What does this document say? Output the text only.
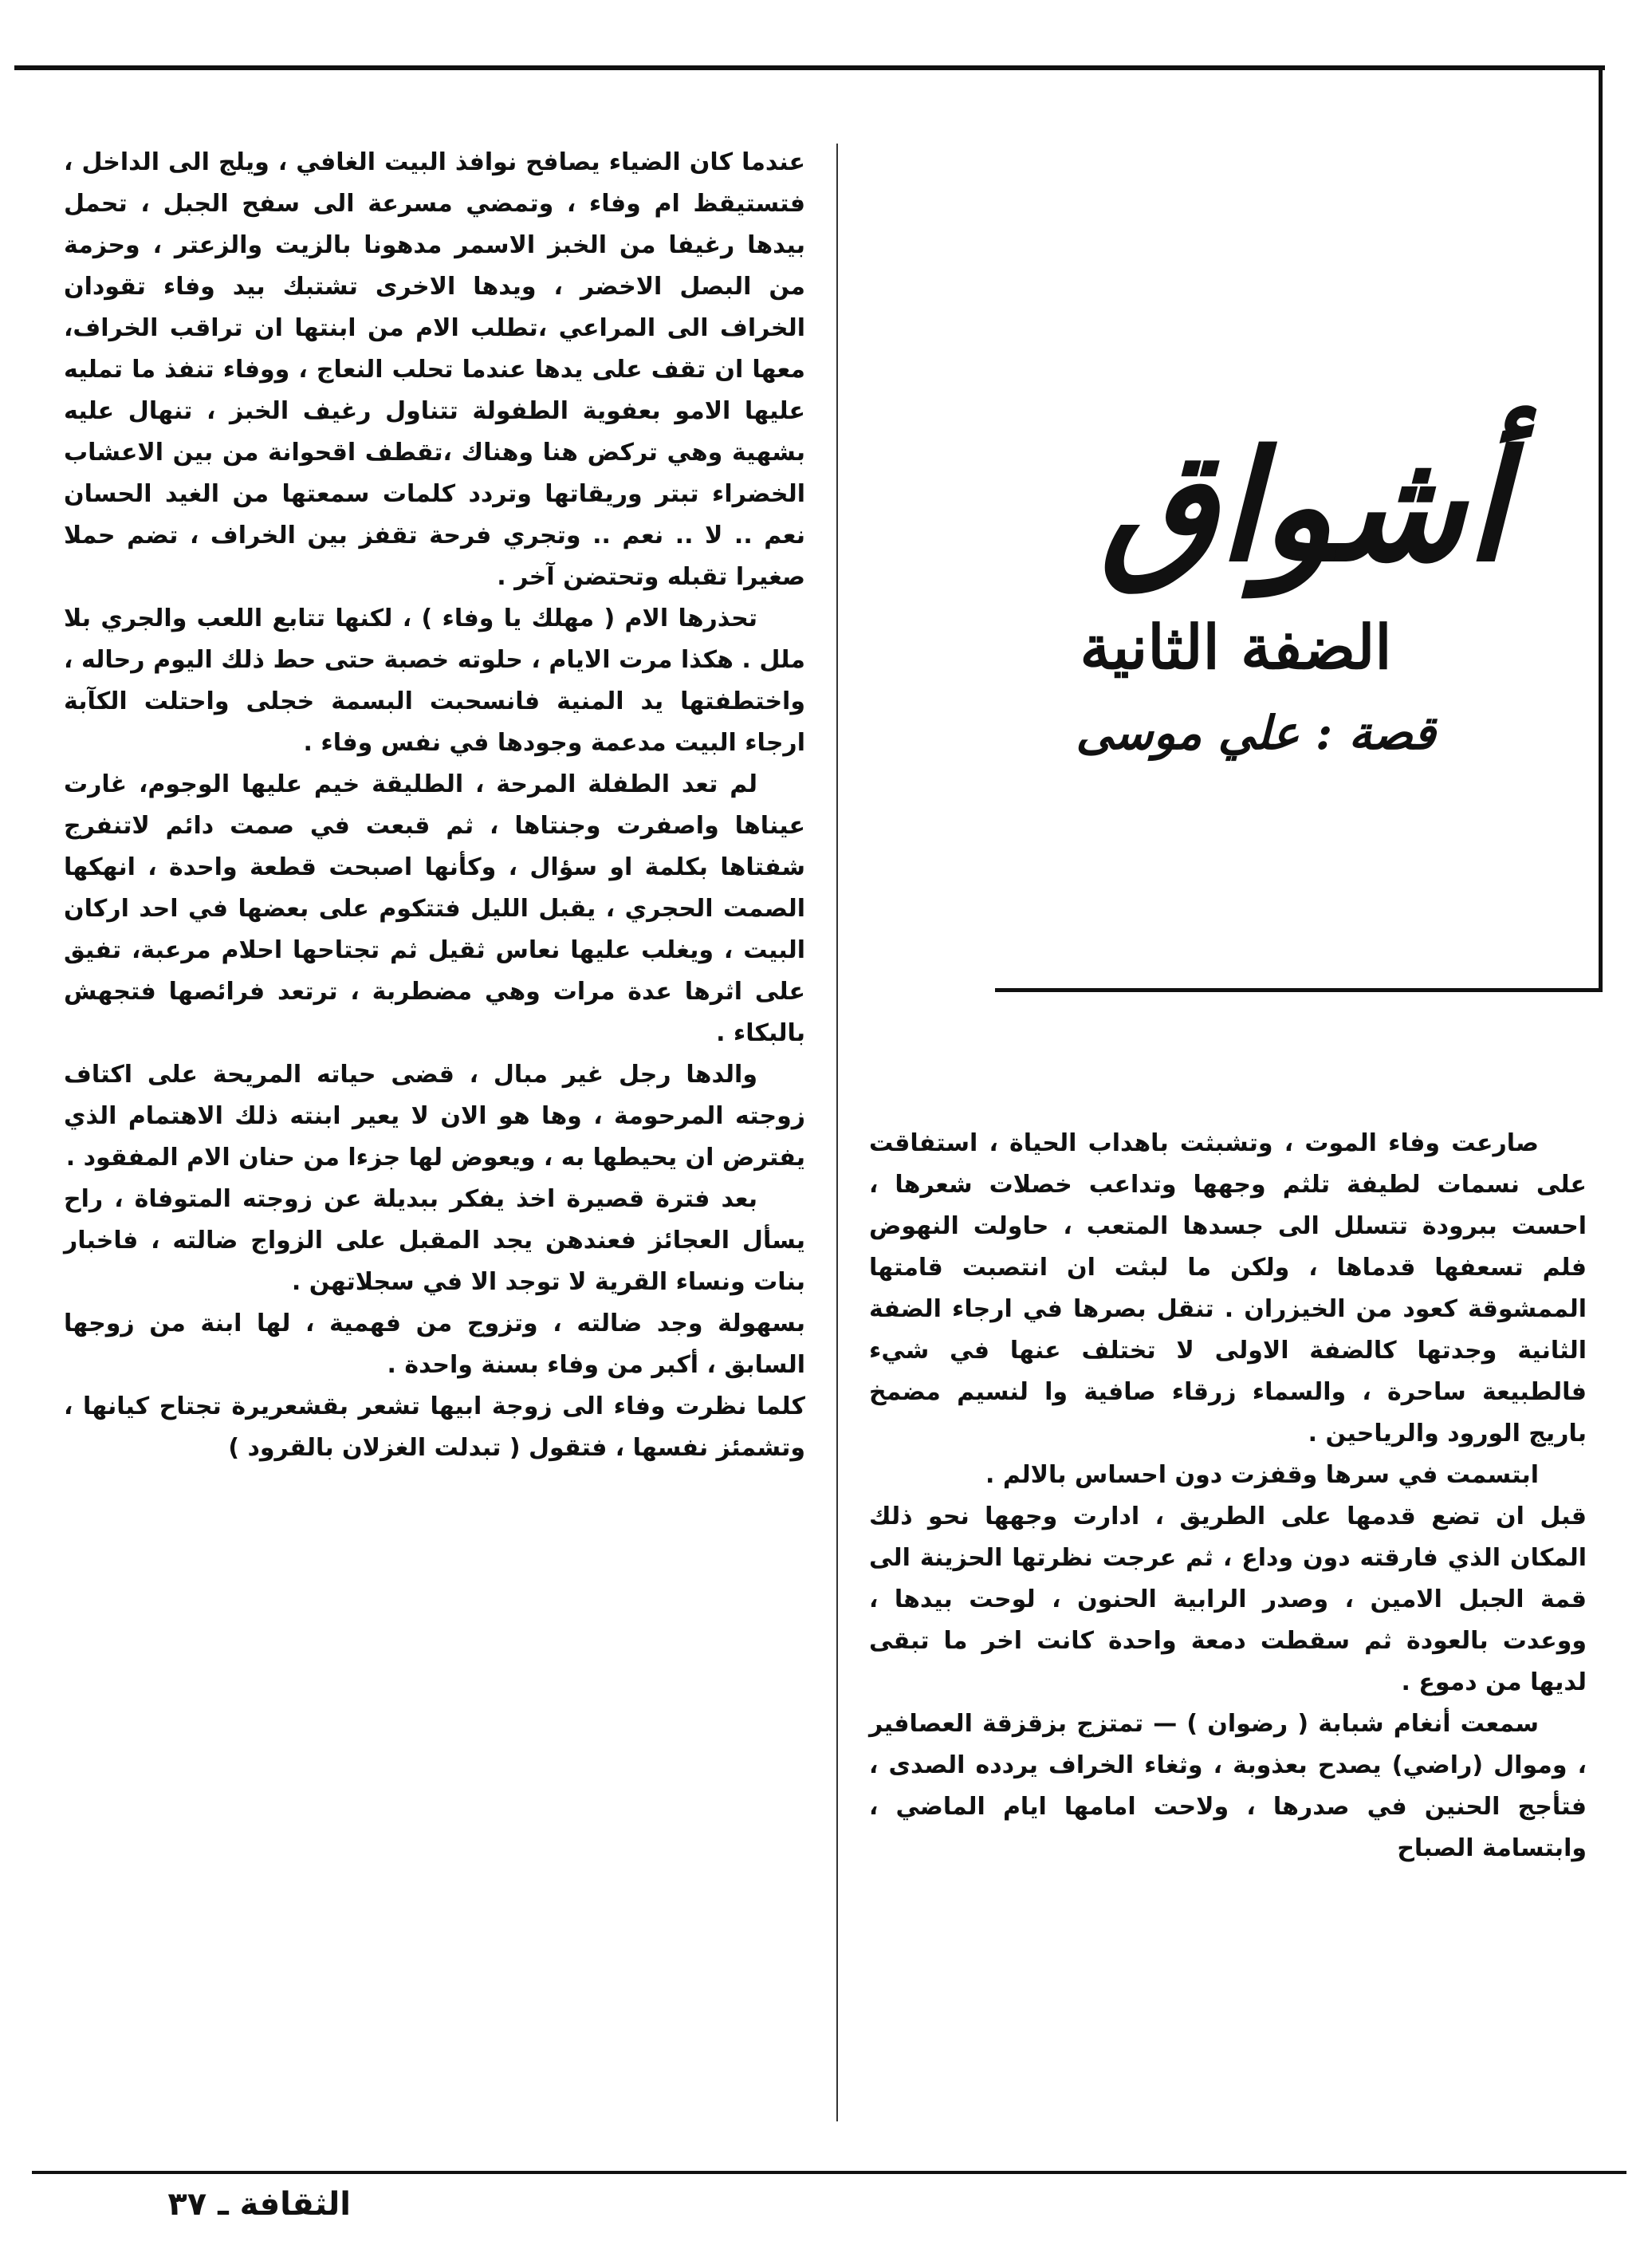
أشواق
الضفة الثانية
قصة : علي موسى

عندما كان الضياء يصافح نوافذ البيت الغافي ، ويلج الى الداخل ، فتستيقظ ام وفاء ، وتمضي مسرعة الى سفح الجبل ، تحمل بيدها رغيفا من الخبز الاسمر مدهونا بالزيت والزعتر ، وحزمة من البصل الاخضر ، ويدها الاخرى تشتبك بيد وفاء تقودان الخراف الى المراعي ،تطلب الام من ابنتها ان تراقب الخراف، معها ان تقف على يدها عندما تحلب النعاج ، ووفاء تنفذ ما تمليه عليها الامو بعفوية الطفولة تتناول رغيف الخبز ، تنهال عليه بشهية وهي تركض هنا وهناك ،تقطف اقحوانة من بين الاعشاب الخضراء تبتر وريقاتها وتردد كلمات سمعتها من الغيد الحسان نعم .. لا .. نعم .. وتجري فرحة تقفز بين الخراف ، تضم حملا صغيرا تقبله وتحتضن آخر .

تحذرها الام ( مهلك يا وفاء ) ، لكنها تتابع اللعب والجري بلا ملل . هكذا مرت الايام ، حلوته خصبة حتى حط ذلك اليوم رحاله ، واختطفتها يد المنية فانسحبت البسمة خجلى واحتلت الكآبة ارجاء البيت مدعمة وجودها في نفس وفاء .

لم تعد الطفلة المرحة ، الطليقة خيم عليها الوجوم، غارت عيناها واصفرت وجنتاها ، ثم قبعت في صمت دائم لاتنفرج شفتاها بكلمة او سؤال ، وكأنها اصبحت قطعة واحدة ، انهكها الصمت الحجري ، يقبل الليل فتتكوم على بعضها في احد اركان البيت ، ويغلب عليها نعاس ثقيل ثم تجتاحها احلام مرعبة، تفيق على اثرها عدة مرات وهي مضطربة ، ترتعد فرائصها فتجهش بالبكاء .

والدها رجل غير مبال ، قضى حياته المريحة على اكتاف زوجته المرحومة ، وها هو الان لا يعير ابنته ذلك الاهتمام الذي يفترض ان يحيطها به ، ويعوض لها جزءا من حنان الام المفقود .

بعد فترة قصيرة اخذ يفكر ببديلة عن زوجته المتوفاة ، راح يسأل العجائز فعندهن يجد المقبل على الزواج ضالته ، فاخبار بنات ونساء القرية لا توجد الا في سجلاتهن .

بسهولة وجد ضالته ، وتزوج من فهمية ، لها ابنة من زوجها السابق ، أكبر من وفاء بسنة واحدة .

كلما نظرت وفاء الى زوجة ابيها تشعر بقشعريرة تجتاح كيانها ، وتشمئز نفسها ، فتقول ( تبدلت الغزلان بالقرود )

صارعت وفاء الموت ، وتشبثت باهداب الحياة ، استفاقت على نسمات لطيفة تلثم وجهها وتداعب خصلات شعرها ، احست ببرودة تتسلل الى جسدها المتعب ، حاولت النهوض فلم تسعفها قدماها ، ولكن ما لبثت ان انتصبت قامتها الممشوقة كعود من الخيزران . تنقل بصرها في ارجاء الضفة الثانية وجدتها كالضفة الاولى لا تختلف عنها في شيء فالطبيعة ساحرة ، والسماء زرقاء صافية وا لنسيم مضمخ باريج الورود والرياحين .

ابتسمت في سرها وقفزت دون احساس بالالم .

قبل ان تضع قدمها على الطريق ، ادارت وجهها نحو ذلك المكان الذي فارقته دون وداع ، ثم عرجت نظرتها الحزينة الى قمة الجبل الامين ، وصدر الرابية الحنون ، لوحت بيدها ، ووعدت بالعودة ثم سقطت دمعة واحدة كانت اخر ما تبقى لديها من دموع .

سمعت أنغام شبابة ( رضوان ) — تمتزج بزقزقة العصافير ، وموال (راضي) يصدح بعذوبة ، وثغاء الخراف يردده الصدى ، فتأجج الحنين في صدرها ، ولاحت امامها ايام الماضي ، وابتسامة الصباح

الثقافة ـ ٣٧
